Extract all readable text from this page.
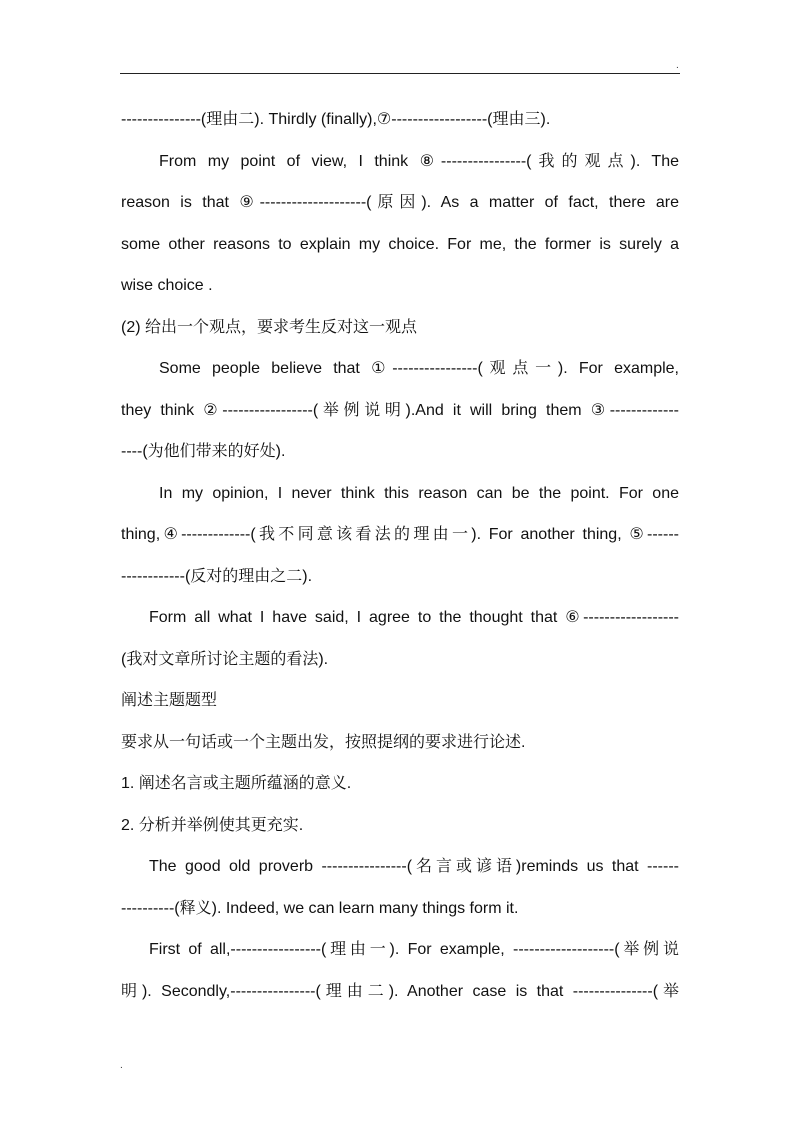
.

---------------(理由二). Thirdly (finally),⑦------------------(理由三).

From my point of view, I think ⑧----------------(我的观点). The

reason is that ⑨--------------------(原因). As a matter of fact, there are

some other reasons to explain my choice. For me, the former is surely a

wise choice .

(2) 给出一个观点，要求考生反对这一观点

Some people believe that ①----------------(观点一). For example,

they think ②-----------------(举例说明).And it will bring them ③-------------

----(为他们带来的好处).

In my opinion, I never think this reason can be the point. For one

thing,④-------------(我不同意该看法的理由一). For another thing, ⑤------

------------(反对的理由之二).

Form all what I have said, I agree to the thought that ⑥------------------

(我对文章所讨论主题的看法).

阐述主题题型

要求从一句话或一个主题出发，按照提纲的要求进行论述.

1. 阐述名言或主题所蕴涵的意义.

2. 分析并举例使其更充实.

The good old proverb ----------------(名言或谚语)reminds us that ------

----------(释义). Indeed, we can learn many things form it.

First of all,-----------------(理由一). For example, -------------------(举例说

明). Secondly,----------------(理由二). Another case is that ---------------(举

.
